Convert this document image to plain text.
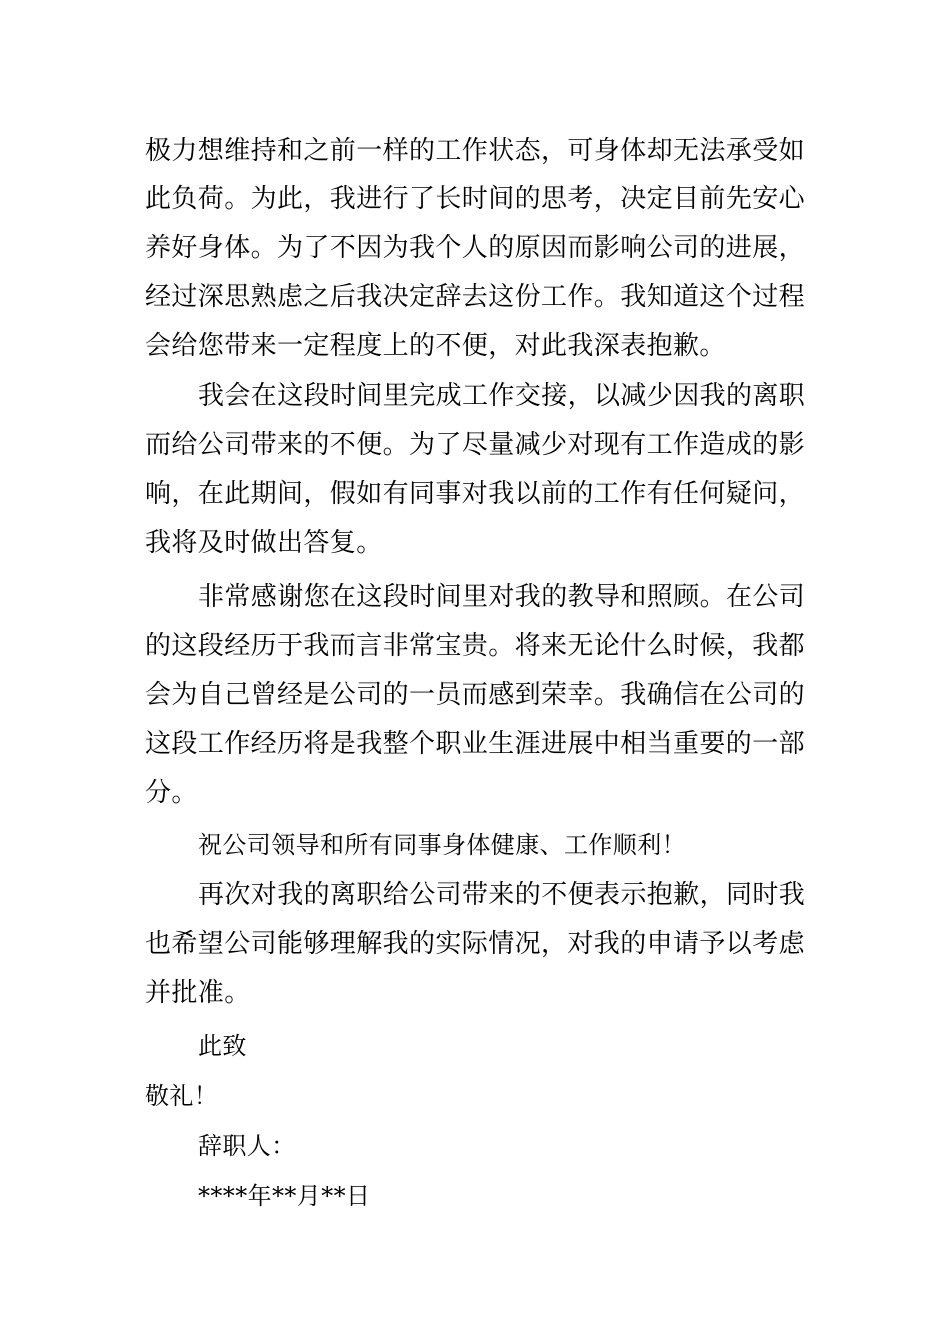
极力想维持和之前一样的工作状态，可身体却无法承受如
此负荷。为此，我进行了长时间的思考，决定目前先安心
养好身体。为了不因为我个人的原因而影响公司的进展，
经过深思熟虑之后我决定辞去这份工作。我知道这个过程
会给您带来一定程度上的不便，对此我深表抱歉。
我会在这段时间里完成工作交接，以减少因我的离职
而给公司带来的不便。为了尽量减少对现有工作造成的影
响，在此期间，假如有同事对我以前的工作有任何疑问，
我将及时做出答复。
非常感谢您在这段时间里对我的教导和照顾。在公司
的这段经历于我而言非常宝贵。将来无论什么时候，我都
会为自己曾经是公司的一员而感到荣幸。我确信在公司的
这段工作经历将是我整个职业生涯进展中相当重要的一部
分。
祝公司领导和所有同事身体健康、工作顺利！
再次对我的离职给公司带来的不便表示抱歉，同时我
也希望公司能够理解我的实际情况，对我的申请予以考虑
并批准。
此致
敬礼！
辞职人：
****年**月**日
